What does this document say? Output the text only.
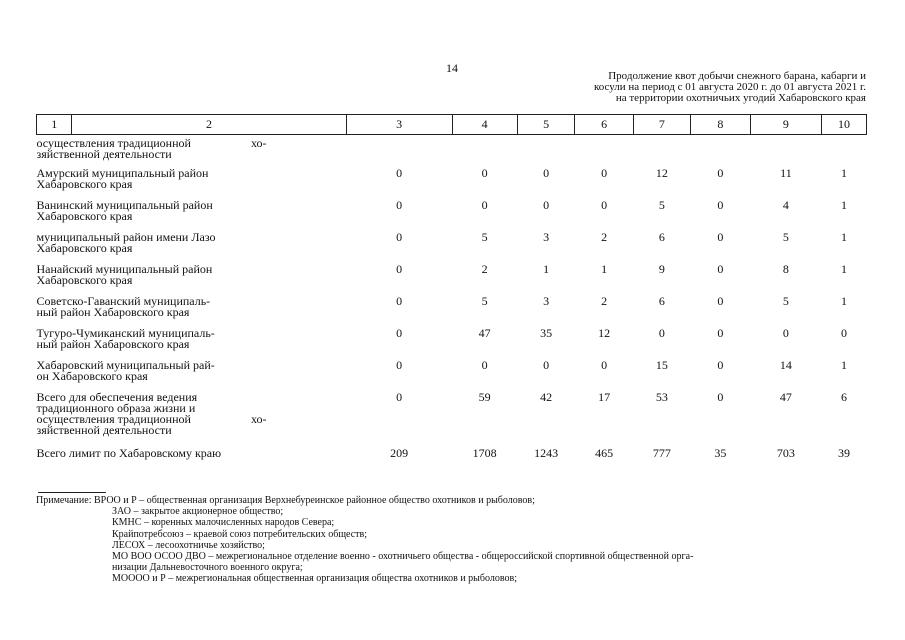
14
Продолжение квот добычи снежного барана, кабарги и
косули на период с 01 августа 2020 г. до 01 августа 2021 г.
на территории охотничьих угодий Хабаровского края
1	2	3	4	5	6	7	8	9	10

осуществления традиционной хо-
зяйственной деятельности									

Амурский муниципальный район
Хабаровского края		0	0	0	0	12	0	11	1

Ванинский муниципальный район
Хабаровского края		0	0	0	0	5	0	4	1

муниципальный район имени Лазо
Хабаровского края		0	5	3	2	6	0	5	1

Нанайский муниципальный район
Хабаровского края		0	2	1	1	9	0	8	1

Советско-Гаванский муниципаль-
ный район Хабаровского края		0	5	3	2	6	0	5	1

Тугуро-Чумиканский муниципаль-
ный район Хабаровского края		0	47	35	12	0	0	0	0

Хабаровский муниципальный рай-
он Хабаровского края		0	0	0	0	15	0	14	1

Всего для обеспечения ведения
традиционного образа жизни и
осуществления традиционной хо-
зяйственной деятельности		0	59	42	17	53	0	47	6
Всего лимит по Хабаровскому краю		209	1708	1243	465	777	35	703	39
Примечание: ВРОО и Р – общественная организация Верхнебуреинское районное общество охотников и рыболовов;
ЗАО – закрытое акционерное общество;
КМНС – коренных малочисленных народов Севера;
Крайпотребсоюз – краевой союз потребительских обществ;
ЛЕСОХ – лесоохотничье хозяйство;
МО ВОО ОСОО ДВО – межрегиональное отделение военно - охотничьего общества - общероссийской спортивной общественной орга-
низации Дальневосточного военного округа;
МОООО и Р – межрегиональная общественная организация общества охотников и рыболовов;
